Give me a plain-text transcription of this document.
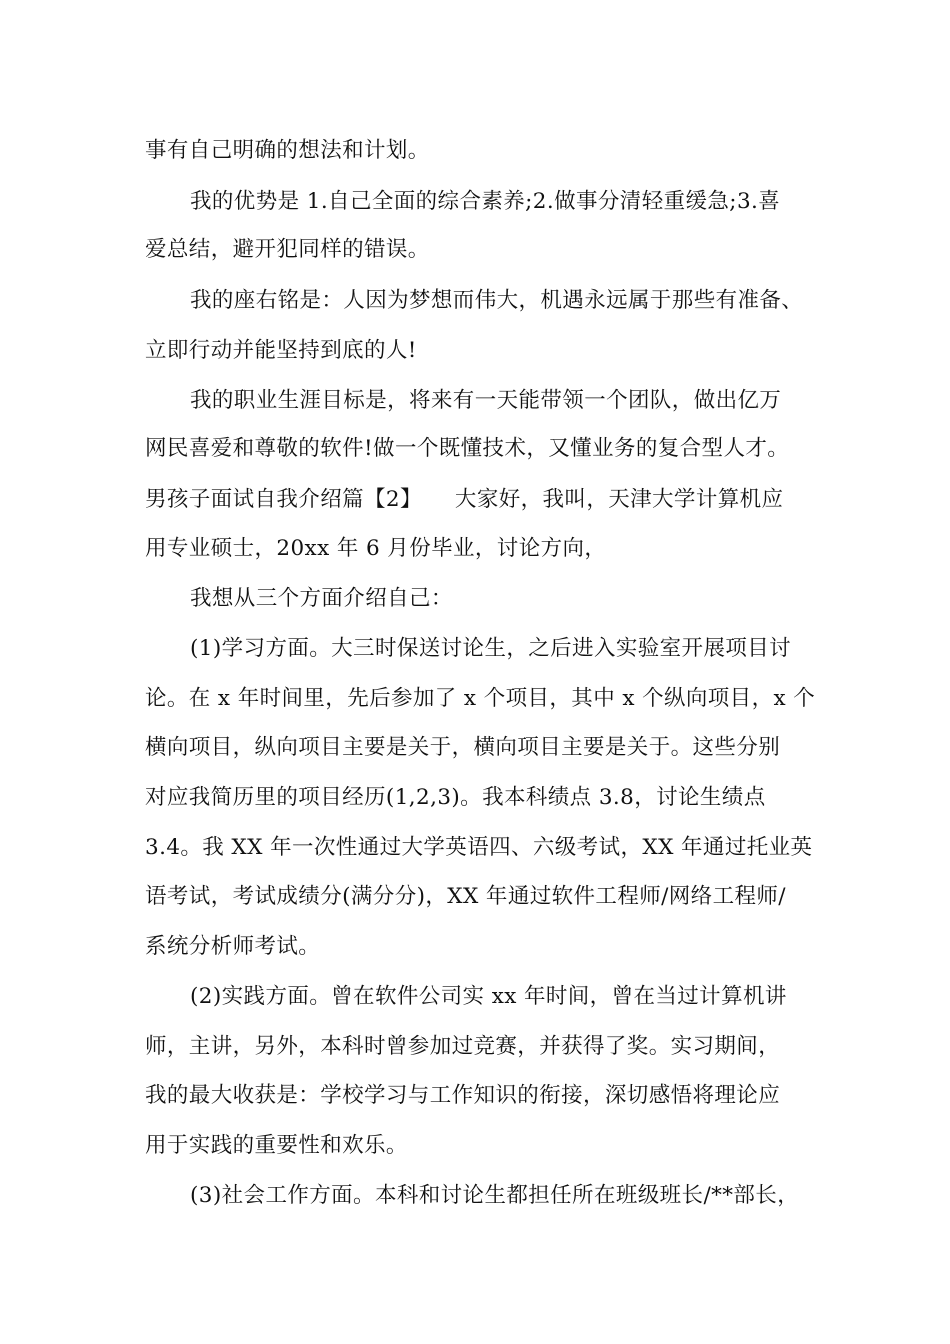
事有自己明确的想法和计划。

我的优势是 1.自己全面的综合素养;2.做事分清轻重缓急;3.喜

爱总结，避开犯同样的错误。

我的座右铭是：人因为梦想而伟大，机遇永远属于那些有准备、

立即行动并能坚持到底的人!

我的职业生涯目标是，将来有一天能带领一个团队，做出亿万

网民喜爱和尊敬的软件!做一个既懂技术，又懂业务的复合型人才。

男孩子面试自我介绍篇【2】　　大家好，我叫，天津大学计算机应

用专业硕士，20xx 年 6 月份毕业，讨论方向，

我想从三个方面介绍自己：

(1)学习方面。大三时保送讨论生，之后进入实验室开展项目讨

论。在 x 年时间里，先后参加了 x 个项目，其中 x 个纵向项目，x 个

横向项目，纵向项目主要是关于，横向项目主要是关于。这些分别

对应我简历里的项目经历(1,2,3)。我本科绩点 3.8，讨论生绩点

3.4。我 XX 年一次性通过大学英语四、六级考试，XX 年通过托业英

语考试，考试成绩分(满分分)，XX 年通过软件工程师/网络工程师/

系统分析师考试。

(2)实践方面。曾在软件公司实 xx 年时间，曾在当过计算机讲

师，主讲，另外，本科时曾参加过竞赛，并获得了奖。实习期间，

我的最大收获是：学校学习与工作知识的衔接，深切感悟将理论应

用于实践的重要性和欢乐。

(3)社会工作方面。本科和讨论生都担任所在班级班长/**部长，
